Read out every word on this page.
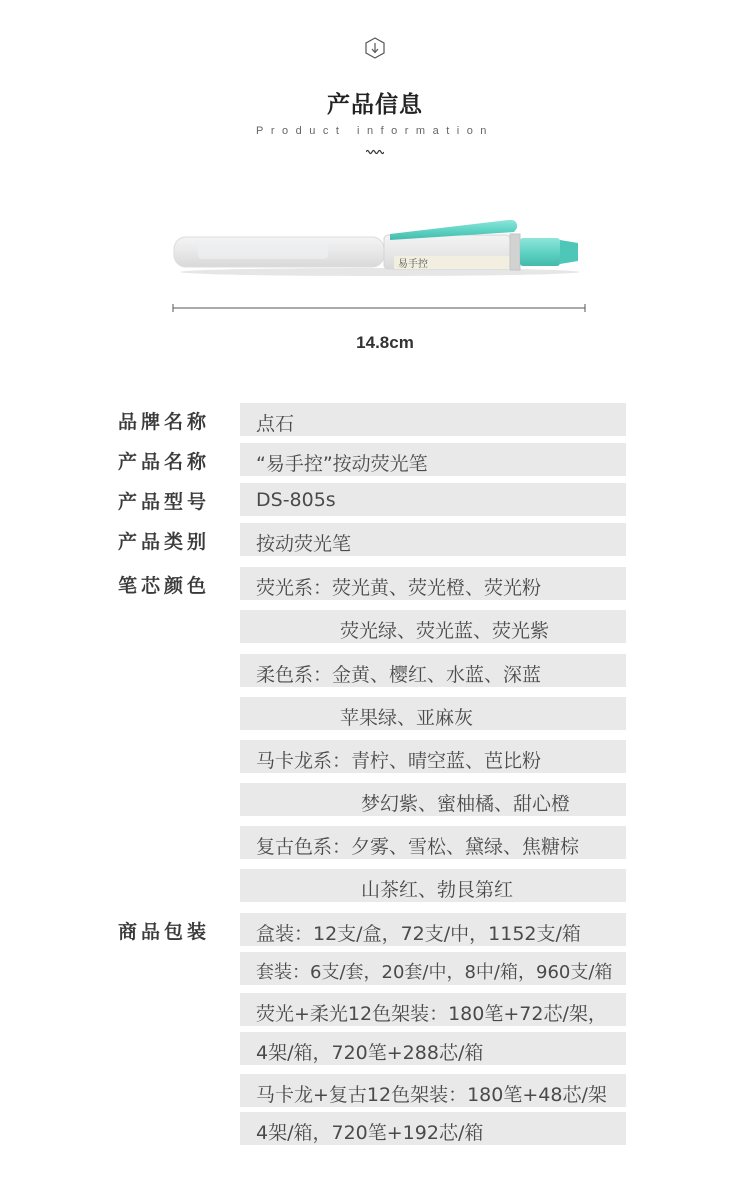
产品信息
Product information
易手控
14.8cm
品牌名称	点石
产品名称	“易手控”按动荧光笔
产品型号	DS-805s
产品类别	按动荧光笔
笔芯颜色	荧光系：荧光黄、荧光橙、荧光粉
荧光绿、荧光蓝、荧光紫
柔色系：金黄、樱红、水蓝、深蓝
苹果绿、亚麻灰
马卡龙系：青柠、晴空蓝、芭比粉
梦幻紫、蜜柚橘、甜心橙
复古色系：夕雾、雪松、黛绿、焦糖棕
山茶红、勃艮第红
商品包装	盒装：12支/盒，72支/中，1152支/箱
套装：6支/套，20套/中，8中/箱，960支/箱
荧光+柔光12色架装：180笔+72芯/架，
4架/箱，720笔+288芯/箱
马卡龙+复古12色架装：180笔+48芯/架
4架/箱，720笔+192芯/箱
